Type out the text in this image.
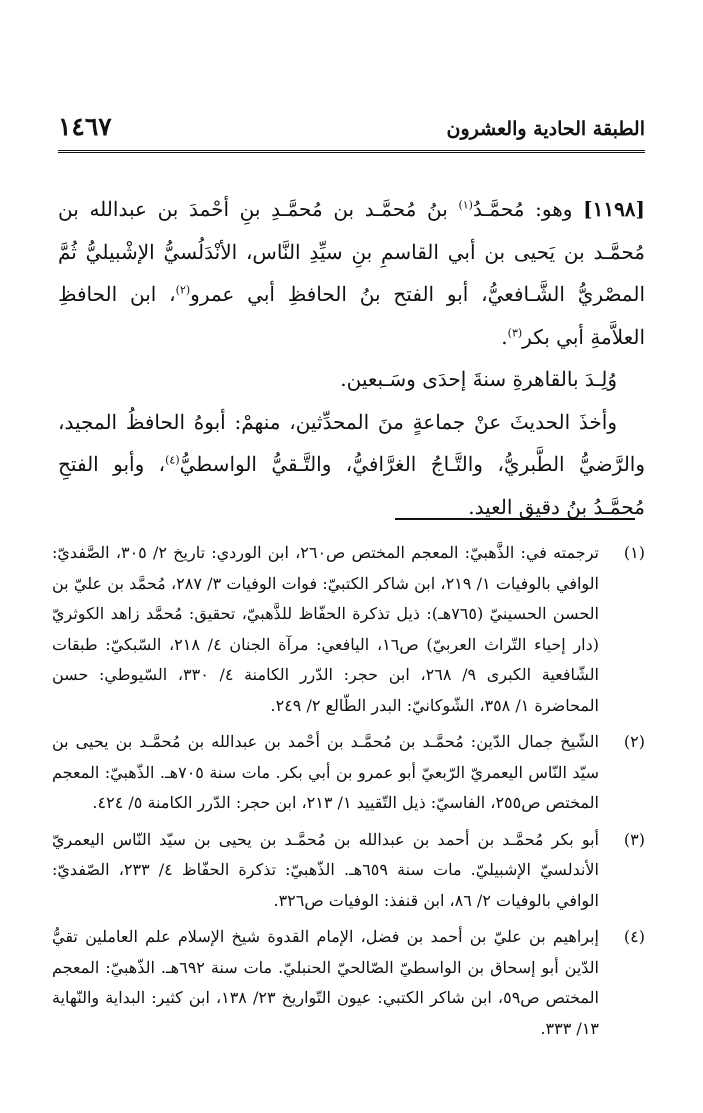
الطبقة الحادية والعشرون
١٤٦٧

[١١٩٨] وهو: مُحمَّـدُ$^{(١)}$ بنُ مُحمَّـد بن مُحمَّـدِ بنِ أحْمدَ بن عبدالله بن مُحمَّـد بن يَحيى بن أبي القاسمِ بنِ سيِّدِ النَّاس، الأنْدَلُسيُّ الإشْبيليُّ ثُمَّ المصْريُّ الشَّـافعيُّ، أبو الفتح بنُ الحافظِ أبي عمرو$^{(٢)}$، ابن الحافظِ العلاَّمةِ أبي بكر$^{(٣)}$.

وُلِـدَ بالقاهرةِ سنةَ إحدَى وسَـبعين.

وأخذَ الحديثَ عنْ جماعةٍ منَ المحدِّثين، منهمْ: أبوهُ الحافظُ المجيد، والرَّضيُّ الطَّبريُّ، والتَّـاجُ الغرَّافيُّ، والتَّـقيُّ الواسطيُّ$^{(٤)}$، وأبو الفتحِ مُحمَّـدُ بنُ دقيق العيد.

(١)
ترجمته في: الذَّهبيّ: المعجم المختص ص٢٦٠، ابن الوردي: تاريخ ٢/ ٣٠٥، الصَّفديّ: الوافي بالوفيات ١/ ٢١٩، ابن شاكر الكتبيّ: فوات الوفيات ٣/ ٢٨٧، مُحمَّد بن عليّ بن الحسن الحسينيّ (٧٦٥هـ): ذيل تذكرة الحفّاظ للذَّهبيّ، تحقيق: مُحمَّد زاهد الكوثريّ (دار إحياء التّراث العربيّ) ص١٦، اليافعي: مرآة الجنان ٤/ ٢١٨، السّبكيّ: طبقات الشّافعية الكبرى ٩/ ٢٦٨، ابن حجر: الدّرر الكامنة ٤/ ٣٣٠، السّيوطي: حسن المحاضرة ١/ ٣٥٨، الشّوكانيّ: البدر الطّالع ٢/ ٢٤٩.
(٢)
الشّيخ جمال الدّين: مُحمَّـد بن مُحمَّـد بن أحْمد بن عبدالله بن مُحمَّـد بن يحيى بن سيّد النّاس اليعمريّ الرّبعيّ أبو عمرو بن أبي بكر. مات سنة ٧٠٥هـ. الذّهبيّ: المعجم المختص ص٢٥٥، الفاسيّ: ذيل التّقييد ١/ ٢١٣، ابن حجر: الدّرر الكامنة ٥/ ٤٢٤.
(٣)
أبو بكر مُحمَّـد بن أحمد بن عبدالله بن مُحمَّـد بن يحيى بن سيّد النّاس اليعمريّ الأندلسيّ الإشبيليّ. مات سنة ٦٥٩هـ. الذّهبيّ: تذكرة الحفّاظ ٤/ ٢٣٣، الصّفديّ: الوافي بالوفيات ٢/ ٨٦، ابن قنفذ: الوفيات ص٣٢٦.
(٤)
إبراهيم بن عليّ بن أحمد بن فضل، الإمام القدوة شيخ الإسلام علم العاملين تقيُّ الدّين أبو إسحاق بن الواسطيّ الصّالحيّ الحنبليّ. مات سنة ٦٩٢هـ. الذّهبيّ: المعجم المختص ص٥٩، ابن شاكر الكتبي: عيون التّواريخ ٢٣/ ١٣٨، ابن كثير: البداية والنّهاية ١٣/ ٣٣٣.
